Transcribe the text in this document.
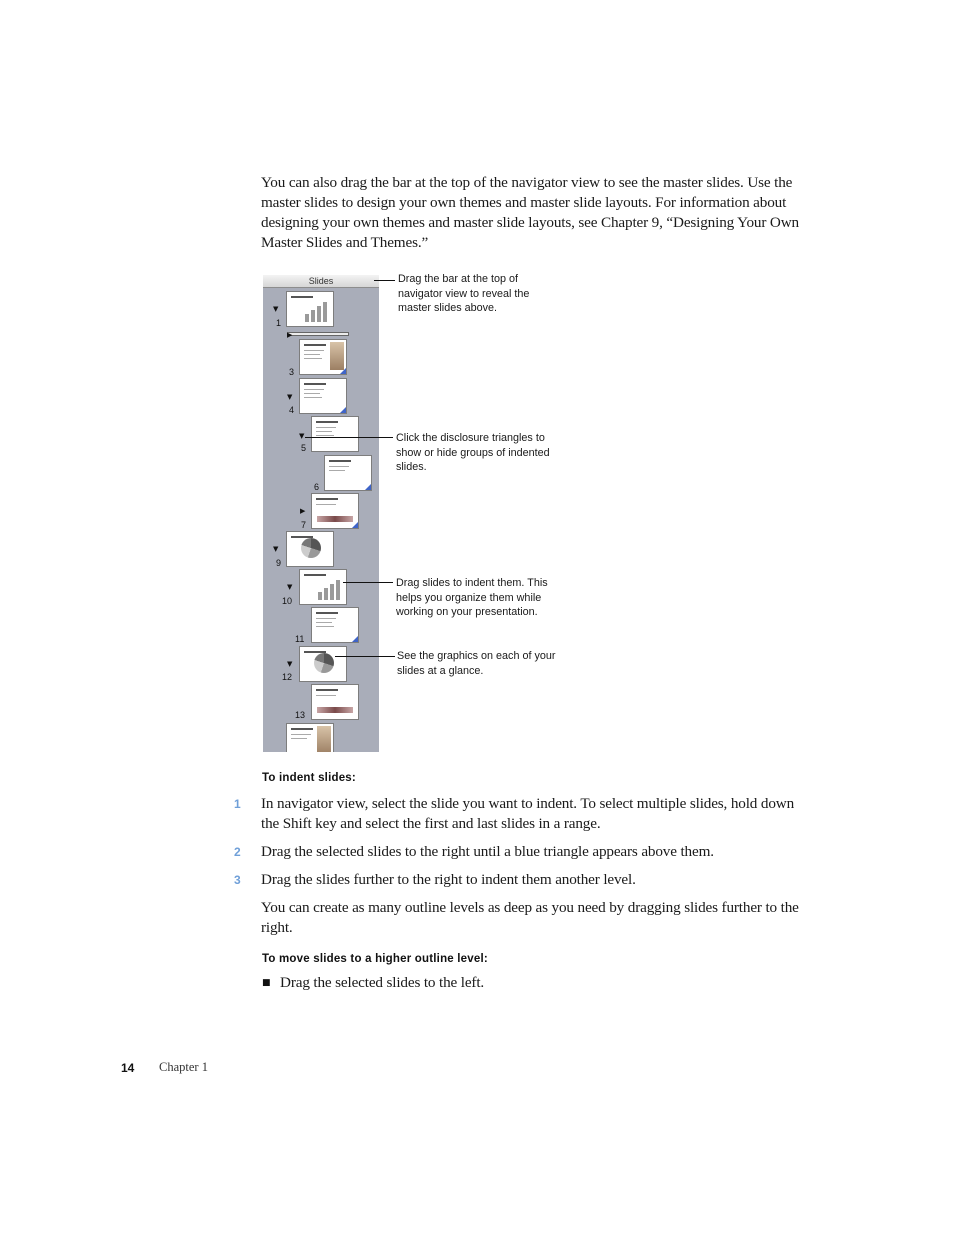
You can also drag the bar at the top of the navigator view to see the master slides. Use the master slides to design your own themes and master slide layouts. For information about designing your own themes and master slide layouts, see Chapter 9, “Designing Your Own Master Slides and Themes.”

Slides
▼
1
▶
3
▼
4
▼
5
6
▶
7
▼
9
▼
10
11
▼
12
13

Drag the bar at the top of navigator view to reveal the master slides above.

Click the disclosure triangles to show or hide groups of indented slides.

Drag slides to indent them. This helps you organize them while working on your presentation.

See the graphics on each of your slides at a glance.

To indent slides:

1 In navigator view, select the slide you want to indent. To select multiple slides, hold down the Shift key and select the first and last slides in a range.

2 Drag the selected slides to the right until a blue triangle appears above them.

3 Drag the slides further to the right to indent them another level.

You can create as many outline levels as deep as you need by dragging slides further to the right.

To move slides to a higher outline level:

■ Drag the selected slides to the left.

14 Chapter 1
